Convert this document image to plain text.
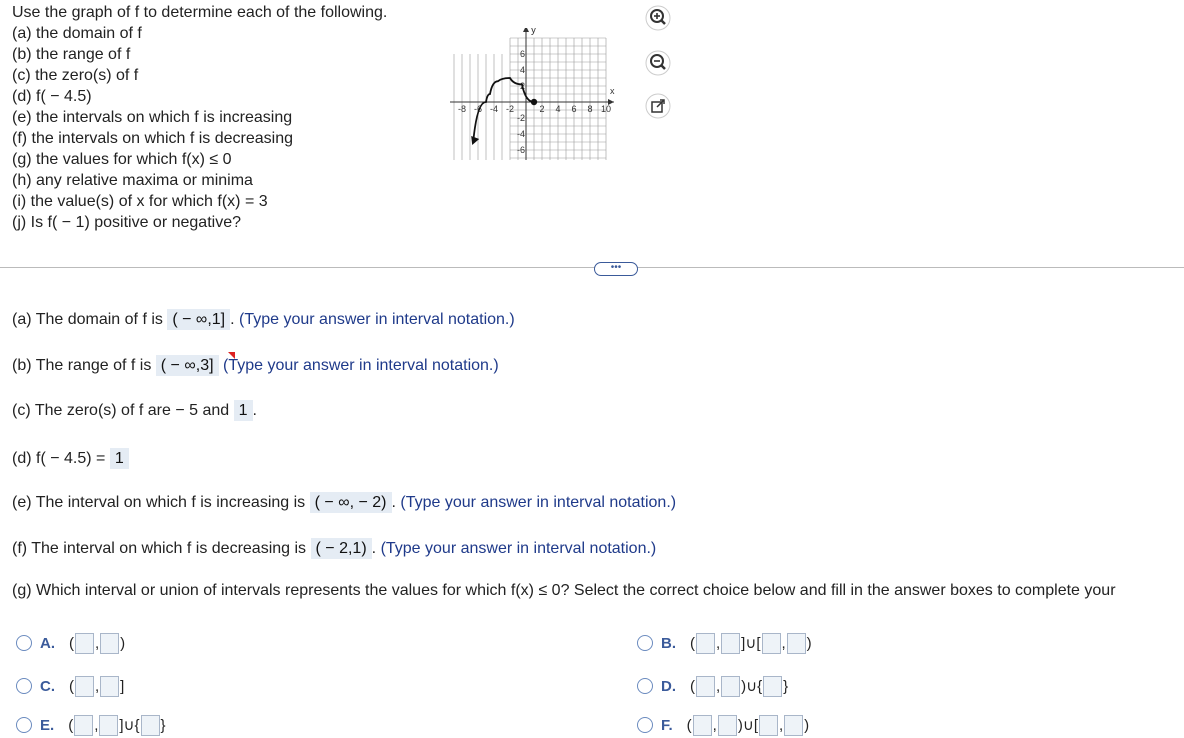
Use the graph of f to determine each of the following.
(a) the domain of f
(b) the range of f
(c) the zero(s) of f
(d) f( − 4.5)
(e) the intervals on which f is increasing
(f) the intervals on which f is decreasing
(g) the values for which f(x) ≤ 0
(h) any relative maxima or minima
(i) the value(s) of x for which f(x) = 3
(j) Is f( − 1) positive or negative?
x
y
-8 -6 -4 -2	2 4 6 8 10
6
4
2
-2
-4
-6
•••
(a) The domain of f is ( − ∞,1] . (Type your answer in interval notation.)
(b) The range of f is ( − ∞,3] (Type your answer in interval notation.)
(c) The zero(s) of f are − 5 and 1 .
(d) f( − 4.5) = 1
(e) The interval on which f is increasing is ( − ∞, − 2) . (Type your answer in interval notation.)
(f) The interval on which f is decreasing is ( − 2,1) . (Type your answer in interval notation.)
(g) Which interval or union of intervals represents the values for which f(x) ≤ 0? Select the correct choice below and fill in the answer boxes to complete your
A. ( , )
C. ( , ]
E. ( , ]∪{ }
B. ( , ]∪[ , )
D. ( , )∪{ }
F. ( , )∪[ , )
